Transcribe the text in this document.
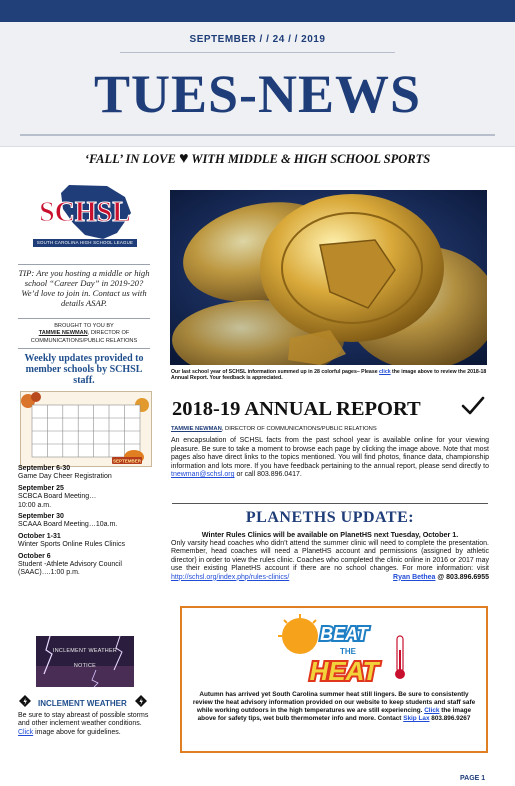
SEPTEMBER / / 24 / / 2019
TUES-NEWS
‘FALL’ IN LOVE ♥ WITH MIDDLE & HIGH SCHOOL SPORTS
SCHSL
SOUTH CAROLINA HIGH SCHOOL LEAGUE
TIP: Are you hosting a middle or high school “Career Day” in 2019-20? We’d love to join in. Contact us with details ASAP.
BROUGHT TO YOU BY
TAMMIE NEWMAN, DIRECTOR OF COMMUNICATIONS/PUBLIC RELATIONS
Weekly updates provided to member schools by SCHSL staff.
SEPTEMBER
September 6-30
Game Day Cheer Registration
September 25
SCBCA Board Meeting…
10:00 a.m.
September 30
SCAAA Board Meeting…10a.m.
October 1-31
Winter Sports Online Rules Clinics
October 6
Student -Athlete Advisory Council (SAAC)….1:00 p.m.
INCLEMENT WEATHER
NOTICE
INCLEMENT WEATHER
Be sure to stay abreast of possible storms and other inclement weather conditions. Click image above for guidelines.
Our last school year of SCHSL information summed up in 28 colorful pages– Please click the image above to review the 2018-18 Annual Report. Your feedback is appreciated.
2018-19 ANNUAL REPORT
TAMMIE NEWMAN, DIRECTOR OF COMMUNICATIONS/PUBLIC RELATIONS
An encapsulation of SCHSL facts from the past school year is available online for your viewing pleasure. Be sure to take a moment to browse each page by clicking the image above. Note that most pages also have direct links to the topics mentioned. You will find photos, finance data, championship information and lots more. If you have feedback pertaining to the annual report, please send directly to tnewman@schsl.org or call 803.896.0417.
PLANETHS UPDATE:
Winter Rules Clinics will be available on PlanetHS next Tuesday, October 1.
Only varsity head coaches who didn’t attend the summer clinic will need to complete the presentation. Remember, head coaches will need a PlanetHS account and permissions (assigned by athletic director) in order to view the rules clinic. Coaches who completed the clinic online in 2016 or 2017 may use their existing PlanetHS account if there are no school changes. For more information: visit http://schsl.org/index.php/rules-clinics/	Ryan Bethea @ 803.896.6955
BEAT
THE
HEAT
Autumn has arrived yet South Carolina summer heat still lingers. Be sure to consistently review the heat advisory information provided on our website to keep students and staff safe while working outdoors in the high temperatures we are still experiencing. Click the image above for safety tips, wet bulb thermometer info and more. Contact Skip Lax 803.896.9267
PAGE 1
